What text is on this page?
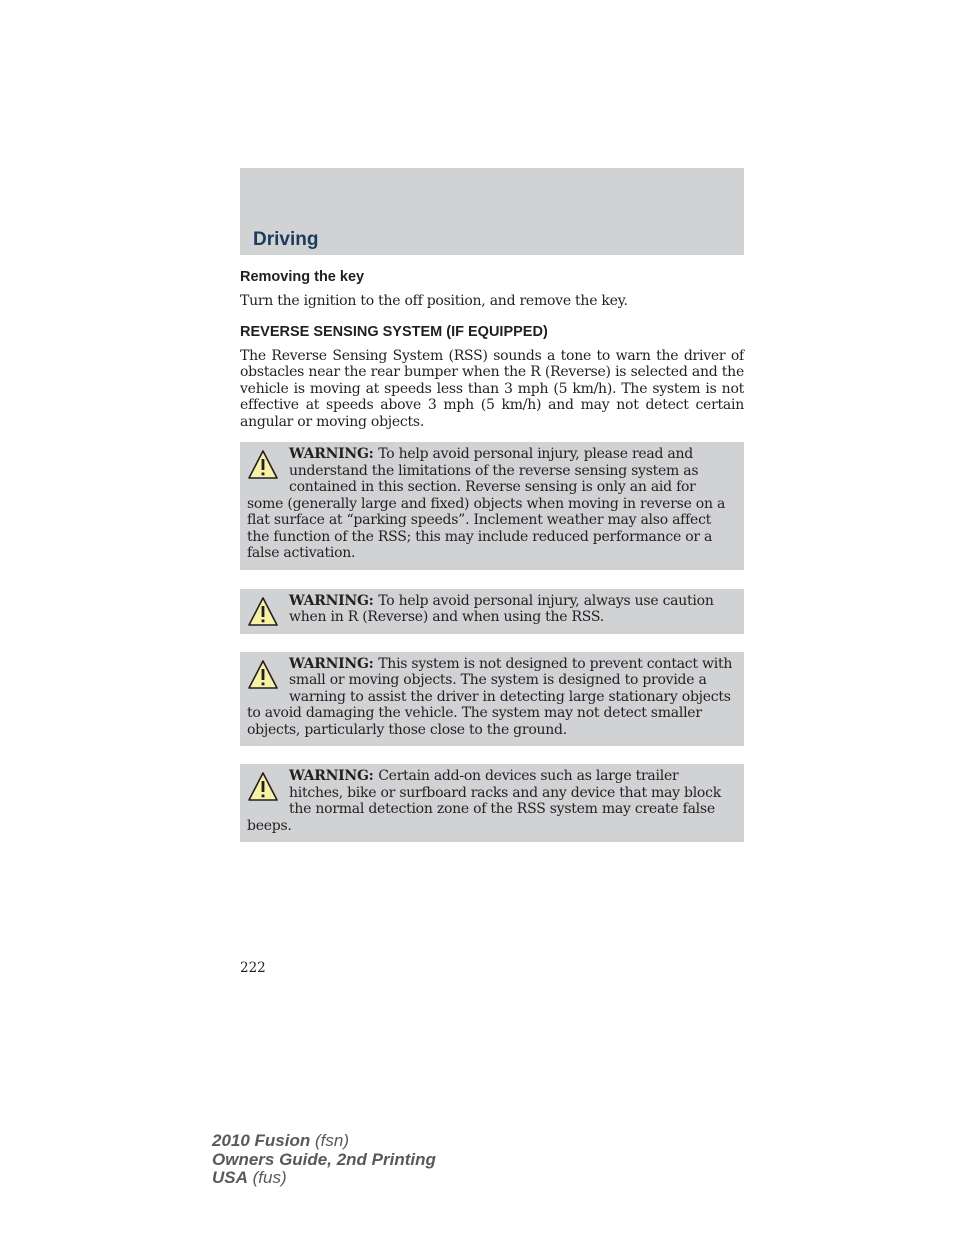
Driving
Removing the key

Turn the ignition to the off position, and remove the key.

REVERSE SENSING SYSTEM (IF EQUIPPED)

The Reverse Sensing System (RSS) sounds a tone to warn the driver of obstacles near the rear bumper when the R (Reverse) is selected and the vehicle is moving at speeds less than 3 mph (5 km/h). The system is not effective at speeds above 3 mph (5 km/h) and may not detect certain angular or moving objects.

WARNING: To help avoid personal injury, please read and understand the limitations of the reverse sensing system as contained in this section. Reverse sensing is only an aid for some (generally large and fixed) objects when moving in reverse on a flat surface at “parking speeds”. Inclement weather may also affect the function of the RSS; this may include reduced performance or a false activation.
WARNING: To help avoid personal injury, always use caution when in R (Reverse) and when using the RSS.
WARNING: This system is not designed to prevent contact with small or moving objects. The system is designed to provide a warning to assist the driver in detecting large stationary objects to avoid damaging the vehicle. The system may not detect smaller objects, particularly those close to the ground.
WARNING: Certain add-on devices such as large trailer hitches, bike or surfboard racks and any device that may block the normal detection zone of the RSS system may create false beeps.
222
2010 Fusion (fsn)
Owners Guide, 2nd Printing
USA (fus)
